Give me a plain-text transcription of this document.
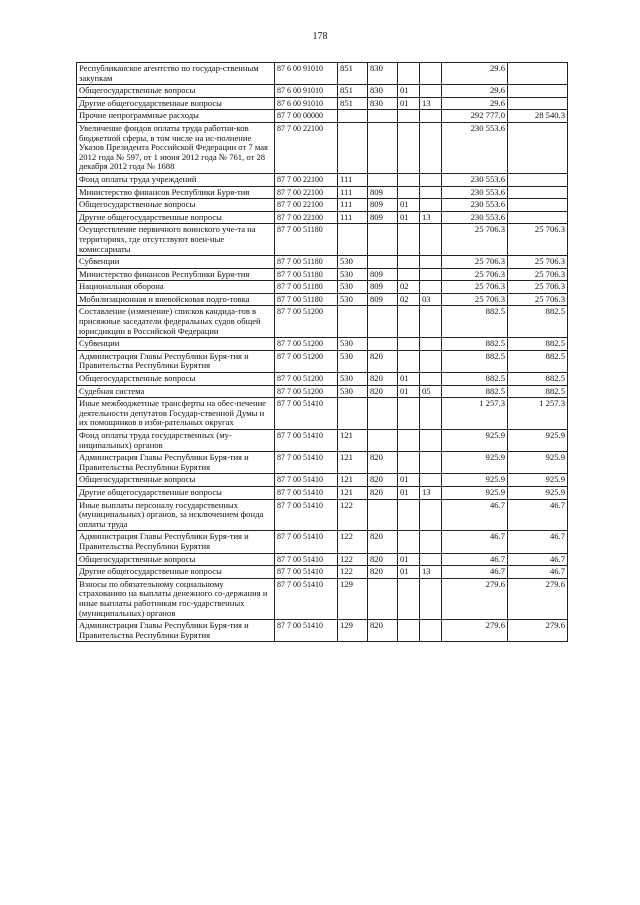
178
Республиканское агентство по государ-ственным закупкам	87 6 00 91010	851	830			29.6	
Общегосударственные вопросы	87 6 00 91010	851	830	01		29.6	
Другие общегосударственные вопросы	87 6 00 91010	851	830	01	13	29.6	
Прочие непрограммные расходы	87 7 00 00000					292 777.0	28 540.3
Увеличение фондов оплаты труда работни-ков бюджетной сферы, в том числе на ис-полнение Указов Президента Российской Федерации от 7 мая 2012 года № 597, от 1 июня 2012 года № 761, от 28 декабря 2012 года № 1688	87 7 00 22100					230 553.6	
Фонд оплаты труда учреждений	87 7 00 22100	111				230 553.6	
Министерство финансов Республики Буря-тия	87 7 00 22100	111	809			230 553.6	
Общегосударственные вопросы	87 7 00 22100	111	809	01		230 553.6	
Другие общегосударственные вопросы	87 7 00 22100	111	809	01	13	230 553.6	
Осуществление первичного воинского уче-та на территориях, где отсутствуют воен-ные комиссариаты	87 7 00 51180					25 706.3	25 706.3
Субвенции	87 7 00 51180	530				25 706.3	25 706.3
Министерство финансов Республики Буря-тия	87 7 00 51180	530	809			25 706.3	25 706.3
Национальная оборона	87 7 00 51180	530	809	02		25 706.3	25 706.3
Мобилизационная и вневойсковая подго-товка	87 7 00 51180	530	809	02	03	25 706.3	25 706.3
Составление (изменение) списков кандида-тов в присяжные заседатели федеральных судов общей юрисдикции в Российской Федерации	87 7 00 51200					882.5	882.5
Субвенции	87 7 00 51200	530				882.5	882.5
Администрация Главы Республики Буря-тия и Правительства Республики Бурятия	87 7 00 51200	530	820			882.5	882.5
Общегосударственные вопросы	87 7 00 51200	530	820	01		882.5	882.5
Судебная система	87 7 00 51200	530	820	01	05	882.5	882.5
Иные межбюджетные трансферты на обес-печение деятельности депутатов Государ-ственной Думы и их помощников в изби-рательных округах	87 7 00 51410					1 257.3	1 257.3
Фонд оплаты труда государственных (му-ниципальных) органов	87 7 00 51410	121				925.9	925.9
Администрация Главы Республики Буря-тия и Правительства Республики Бурятия	87 7 00 51410	121	820			925.9	925.9
Общегосударственные вопросы	87 7 00 51410	121	820	01		925.9	925.9
Другие общегосударственные вопросы	87 7 00 51410	121	820	01	13	925.9	925.9
Иные выплаты персоналу государственных (муниципальных) органов, за исключением фонда оплаты труда	87 7 00 51410	122				46.7	46.7
Администрация Главы Республики Буря-тия и Правительства Республики Бурятия	87 7 00 51410	122	820			46.7	46.7
Общегосударственные вопросы	87 7 00 51410	122	820	01		46.7	46.7
Другие общегосударственные вопросы	87 7 00 51410	122	820	01	13	46.7	46.7
Взносы по обязательному социальному страхованию на выплаты денежного со-держания и иные выплаты работникам гос-ударственных (муниципальных) органов	87 7 00 51410	129				279.6	279.6
Администрация Главы Республики Буря-тия и Правительства Республики Бурятия	87 7 00 51410	129	820			279.6	279.6
